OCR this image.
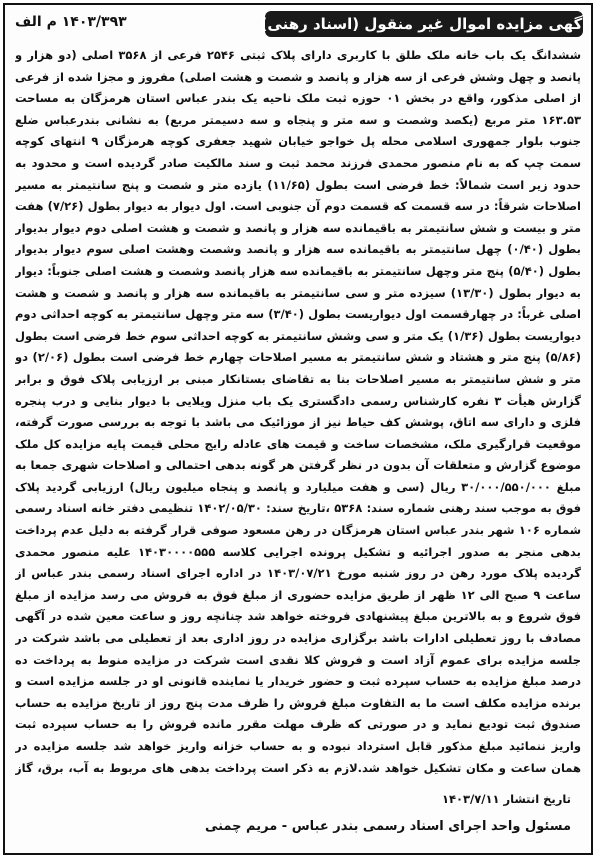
آگهی مزایده اموال غیر منقول (اسناد رهنی)
۱۴۰۳/۳۹۳ م الف
ششدانگ یک باب خانه ملک طلق با کاربری دارای پلاک ثبتی ۲۵۴۶ فرعی از ۳۵۶۸ اصلی (دو هزار و پانصد و چهل وشش فرعی از سه هزار و پانصد و شصت و هشت اصلی) مفروز و مجزا شده از فرعی از اصلی مذکور، واقع در بخش ۰۱ حوزه ثبت ملک ناحیه یک بندر عباس استان هرمزگان به مساحت ۱۶۳.۵۳ متر مربع (یکصد وشصت و سه متر و پنجاه و سه دسیمتر مربع) به نشانی بندرعباس ضلع جنوب بلوار جمهوری اسلامی محله پل خواجو خیابان شهید جعفری کوچه هرمزگان ۹ انتهای کوچه سمت چپ که به نام منصور محمدی فرزند محمد ثبت و سند مالکیت صادر گردیده است و محدود به حدود زیر است شمالاً: خط فرضی است بطول (۱۱/۶۵) یازده متر و شصت و پنج سانتیمتر به مسیر اصلاحات شرقاً: در سه قسمت که قسمت دوم آن جنوبی است. اول دیوار به دیوار بطول (۷/۲۶) هفت متر و بیست و شش سانتیمتر به باقیمانده سه هزار و پانصد و شصت و هشت اصلی دوم دیوار بدیوار بطول (۰/۴۰) چهل سانتیمتر به باقیمانده سه هزار و پانصد وشصت وهشت اصلی سوم دیوار بدیوار بطول (۵/۴۰) پنج متر وچهل سانتیمتر به باقیمانده سه هزار پانصد وشصت و هشت اصلی جنوباً: دیوار به دیوار بطول (۱۳/۳۰) سیزده متر و سی سانتیمتر به باقیمانده سه هزار و پانصد و شصت و هشت اصلی غرباً: در چهارقسمت اول دیواریست بطول (۳/۴۰) سه متر وچهل سانتیمتر به کوچه احداثی دوم دیواریست بطول (۱/۳۶) یک متر و سی وشش سانتیمتر به کوچه احداثی سوم خط فرضی است بطول (۵/۸۶) پنج متر و هشتاد و شش سانتیمتر به مسیر اصلاحات چهارم خط فرضی است بطول (۲/۰۶) دو متر و شش سانتیمتر به مسیر اصلاحات بنا به تقاضای بستانکار مبنی بر ارزیابی پلاک فوق و برابر گزارش هیأت ۳ نفره کارشناس رسمی دادگستری یک باب منزل ویلایی با دیوار بنایی و درب پنجره فلزی و دارای سه اتاق، پوشش کف حیاط نیز از موزائیک می باشد با توجه به بررسی صورت گرفته، موقعیت قرارگیری ملک، مشخصات ساخت و قیمت های عادله رایج محلی قیمت پایه مزایده کل ملک موضوع گزارش و متعلقات آن بدون در نظر گرفتن هر گونه بدهی احتمالی و اصلاحات شهری جمعا به مبلغ ۳۰/۰۰۰/۵۵۰/۰۰۰ ریال (سی و هفت میلیارد و پانصد و پنجاه میلیون ریال) ارزیابی گردید پلاک فوق به موجب سند رهنی شماره سند: ۵۳۶۸ ،تاریخ سند: ۱۴۰۲/۰۵/۳۰ تنظیمی دفتر خانه اسناد رسمی شماره ۱۰۶ شهر بندر عباس استان هرمزگان در رهن مسعود صوفی قرار گرفته به دلیل عدم پرداخت بدهی منجر به صدور اجرائیه و تشکیل پرونده اجرایی کلاسه ۱۴۰۳۰۰۰۰۵۵۵ علیه منصور محمدی گردیده پلاک مورد رهن در روز شنبه مورخ ۱۴۰۳/۰۷/۲۱ در اداره اجرای اسناد رسمی بندر عباس از ساعت ۹ صبح الی ۱۲ ظهر از طریق مزایده حضوری از مبلغ فوق به فروش می رسد مزایده از مبلغ فوق شروع و به بالاترین مبلغ پیشنهادی فروخته خواهد شد چنانچه روز و ساعت معین شده در آگهی مصادف با روز تعطیلی ادارات باشد برگزاری مزایده در روز اداری بعد از تعطیلی می باشد شرکت در جلسه مزایده برای عموم آزاد است و فروش کلا نقدی است شرکت در مزایده منوط به پرداخت ده درصد مبلغ مزایده به حساب سپرده ثبت و حضور خریدار یا نماینده قانونی او در جلسه مزایده است و برنده مزایده مکلف است ما به التفاوت مبلغ فروش را ظرف مدت پنج روز از تاریخ مزایده به حساب صندوق ثبت تودیع نماید و در صورتی که ظرف مهلت مقرر مانده فروش را به حساب سپرده ثبت واریز ننمائید مبلغ مذکور قابل استرداد نبوده و به حساب خزانه واریز خواهد شد جلسه مزایده در همان ساعت و مکان تشکیل خواهد شد.لازم به ذکر است پرداخت بدهی های مربوط به آب، برق، گاز
تاریخ انتشار ۱۴۰۳/۷/۱۱
مسئول واحد اجرای اسناد رسمی بندر عباس - مریم چمنی
